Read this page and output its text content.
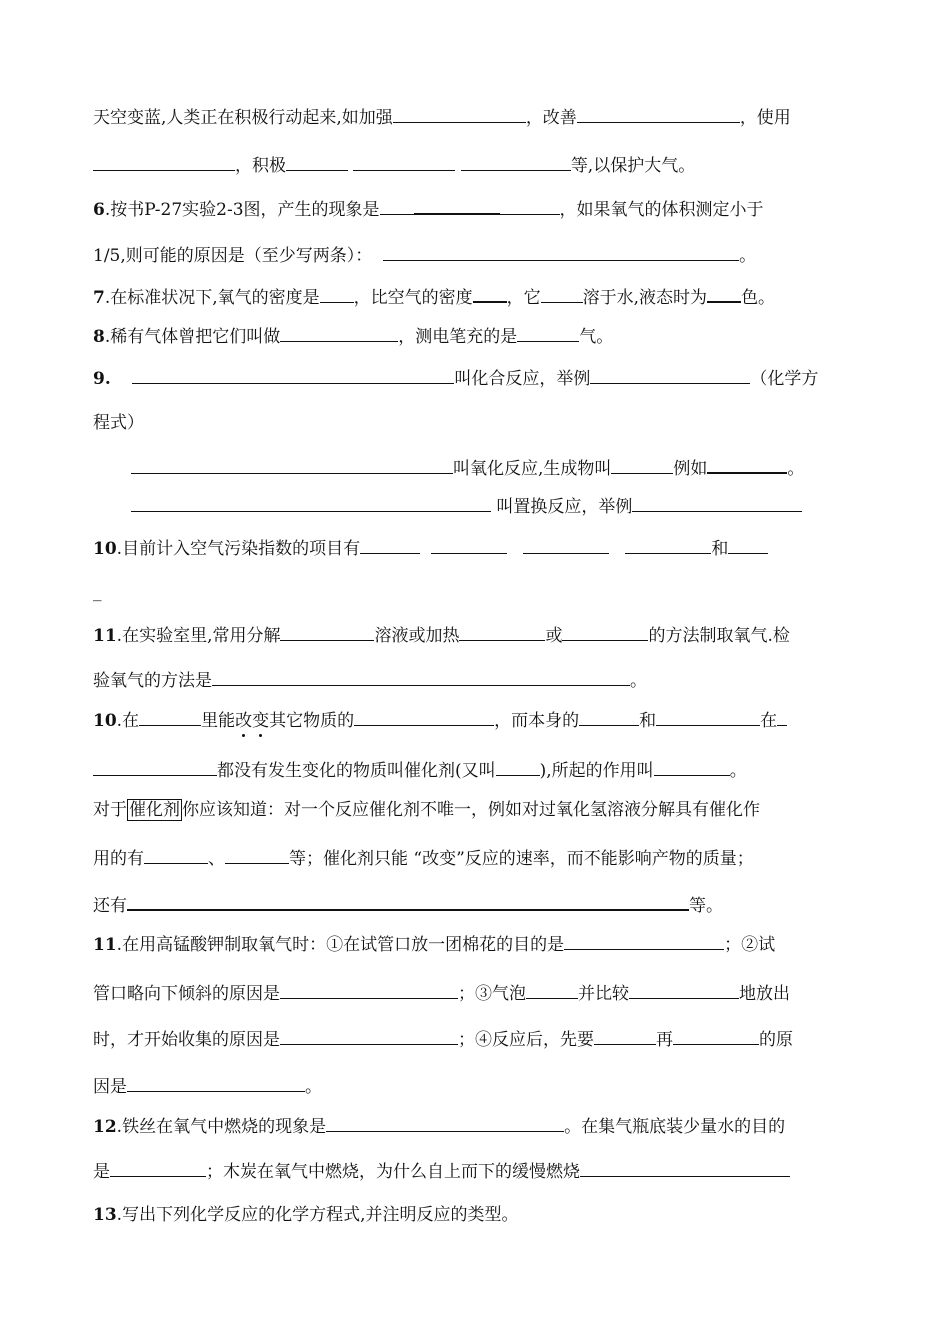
天空变蓝,人类正在积极行动起来,如加强	，改善	，使用
，积极	等,以保护大气。
6.按书P-27实验2-3图，产生的现象是	，如果氧气的体积测定小于
1/5,则可能的原因是（至少写两条）：	。
7.在标准状况下,氧气的密度是 ，比空气的密度 ，它 溶于水,液态时为 色。
8.稀有气体曾把它们叫做	，测电笔充的是	气。
9.	叫化合反应，举例	（化学方
程式）
叫氧化反应,生成物叫	例如	。
叫置换反应，举例
10.目前计入空气污染指数的项目有	和
_
11.在实验室里,常用分解	溶液或加热	或	的方法制取氧气.检
验氧气的方法是	。
10.在	里能改变其它物质的	，而本身的	和	在
都没有发生变化的物质叫催化剂(又叫	),所起的作用叫	。
对于 催化剂 你应该知道：对一个反应催化剂不唯一，例如对过氧化氢溶液分解具有催化作
用的有	、	等；催化剂只能 “改变”反应的速率，而不能影响产物的质量；
还有	等。
11.在用高锰酸钾制取氧气时：①在试管口放一团棉花的目的是	；②试
管口略向下倾斜的原因是	；③气泡	并比较	地放出
时，才开始收集的原因是	；④反应后，先要	再	的原
因是	。
12.铁丝在氧气中燃烧的现象是	。在集气瓶底装少量水的目的
是	；木炭在氧气中燃烧，为什么自上而下的缓慢燃烧
13.写出下列化学反应的化学方程式,并注明反应的类型。
